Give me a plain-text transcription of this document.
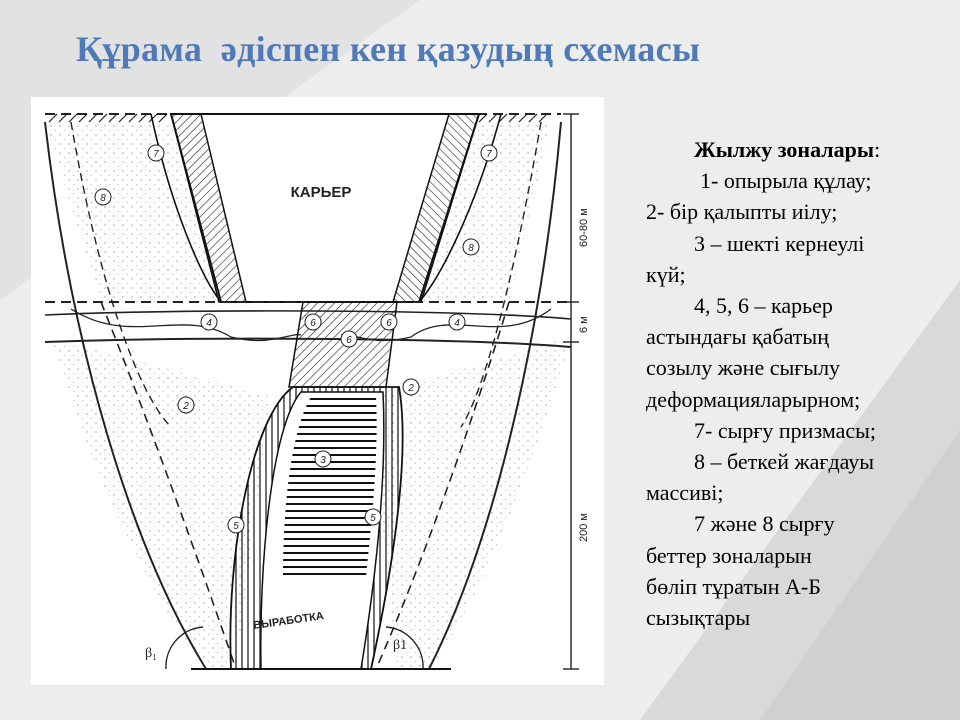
Құрама  әдіспен кен қазудың схемасы
7	7
8
8
4	4
6	6
6
2
2
3
5
5
КАРЬЕР
ВЫРАБОТКА
β₁
β1
60-80 м
6 м
200 м
Жылжу зоналары:
1- опырыла құлау;
2- бір қалыпты иілу;
3 – шекті кернеулі
күй;
4, 5, 6 – карьер
астындағы қабатың
созылу және сығылу
деформацияларырном;
7- сырғу призмасы;
8 – беткей жағдауы
массиві;
7 және 8 сырғу
беттер зоналарын
бөліп тұратын А-Б
сызықтары
